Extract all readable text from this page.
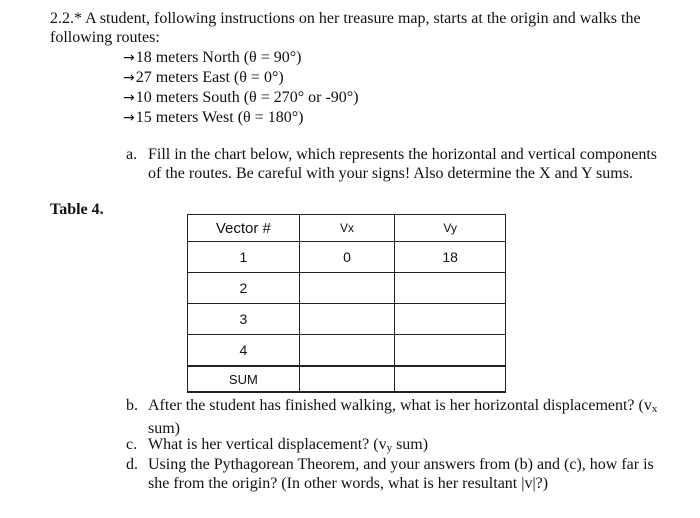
2.2.* A student, following instructions on her treasure map, starts at the origin and walks the following routes:
→18 meters North (θ = 90°)
→27 meters East (θ = 0°)
→10 meters South (θ = 270° or -90°)
→15 meters West (θ = 180°)
a. Fill in the chart below, which represents the horizontal and vertical components of the routes. Be careful with your signs! Also determine the X and Y sums.
Table 4.
Vector #	Vx	Vy
1	0	18
2		
3		
4		
SUM		
b. After the student has finished walking, what is her horizontal displacement? (vx sum)
c. What is her vertical displacement? (vy sum)
d. Using the Pythagorean Theorem, and your answers from (b) and (c), how far is she from the origin? (In other words, what is her resultant |v|?)
